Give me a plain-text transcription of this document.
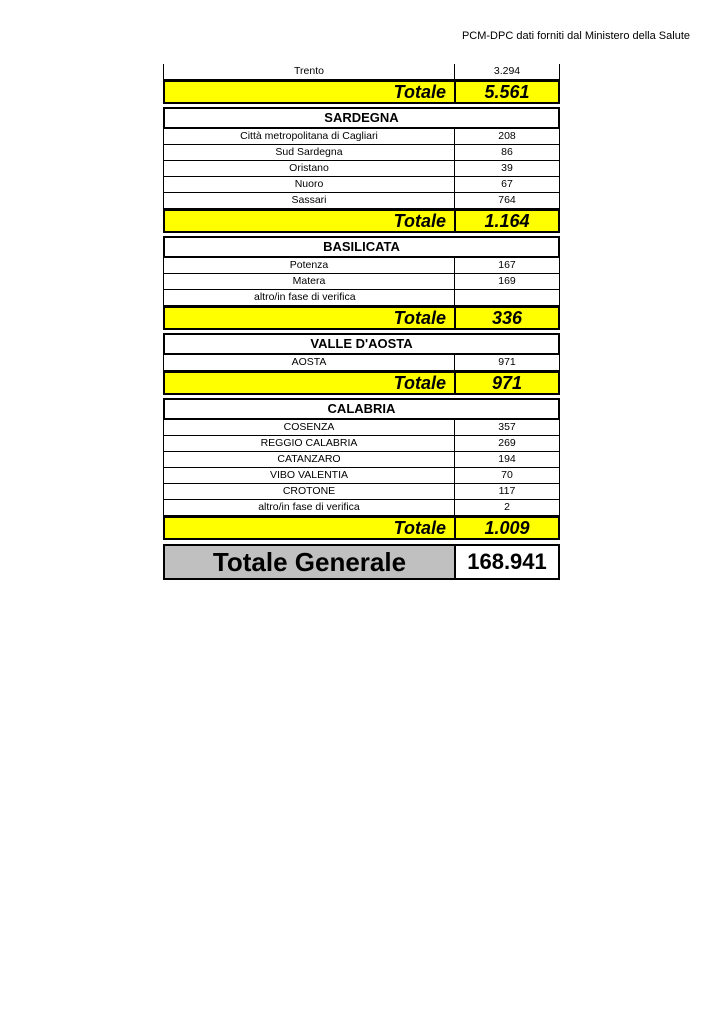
PCM-DPC dati forniti dal Ministero della Salute
Trento	3.294
Totale	5.561
SARDEGNA
Città metropolitana di Cagliari	208
Sud Sardegna	86
Oristano	39
Nuoro	67
Sassari	764
Totale	1.164
BASILICATA
Potenza	167
Matera	169
altro/in fase di verifica
Totale	336
VALLE D'AOSTA
AOSTA	971
Totale	971
CALABRIA
COSENZA	357
REGGIO CALABRIA	269
CATANZARO	194
VIBO VALENTIA	70
CROTONE	117
altro/in fase di verifica	2
Totale	1.009
Totale Generale	168.941
